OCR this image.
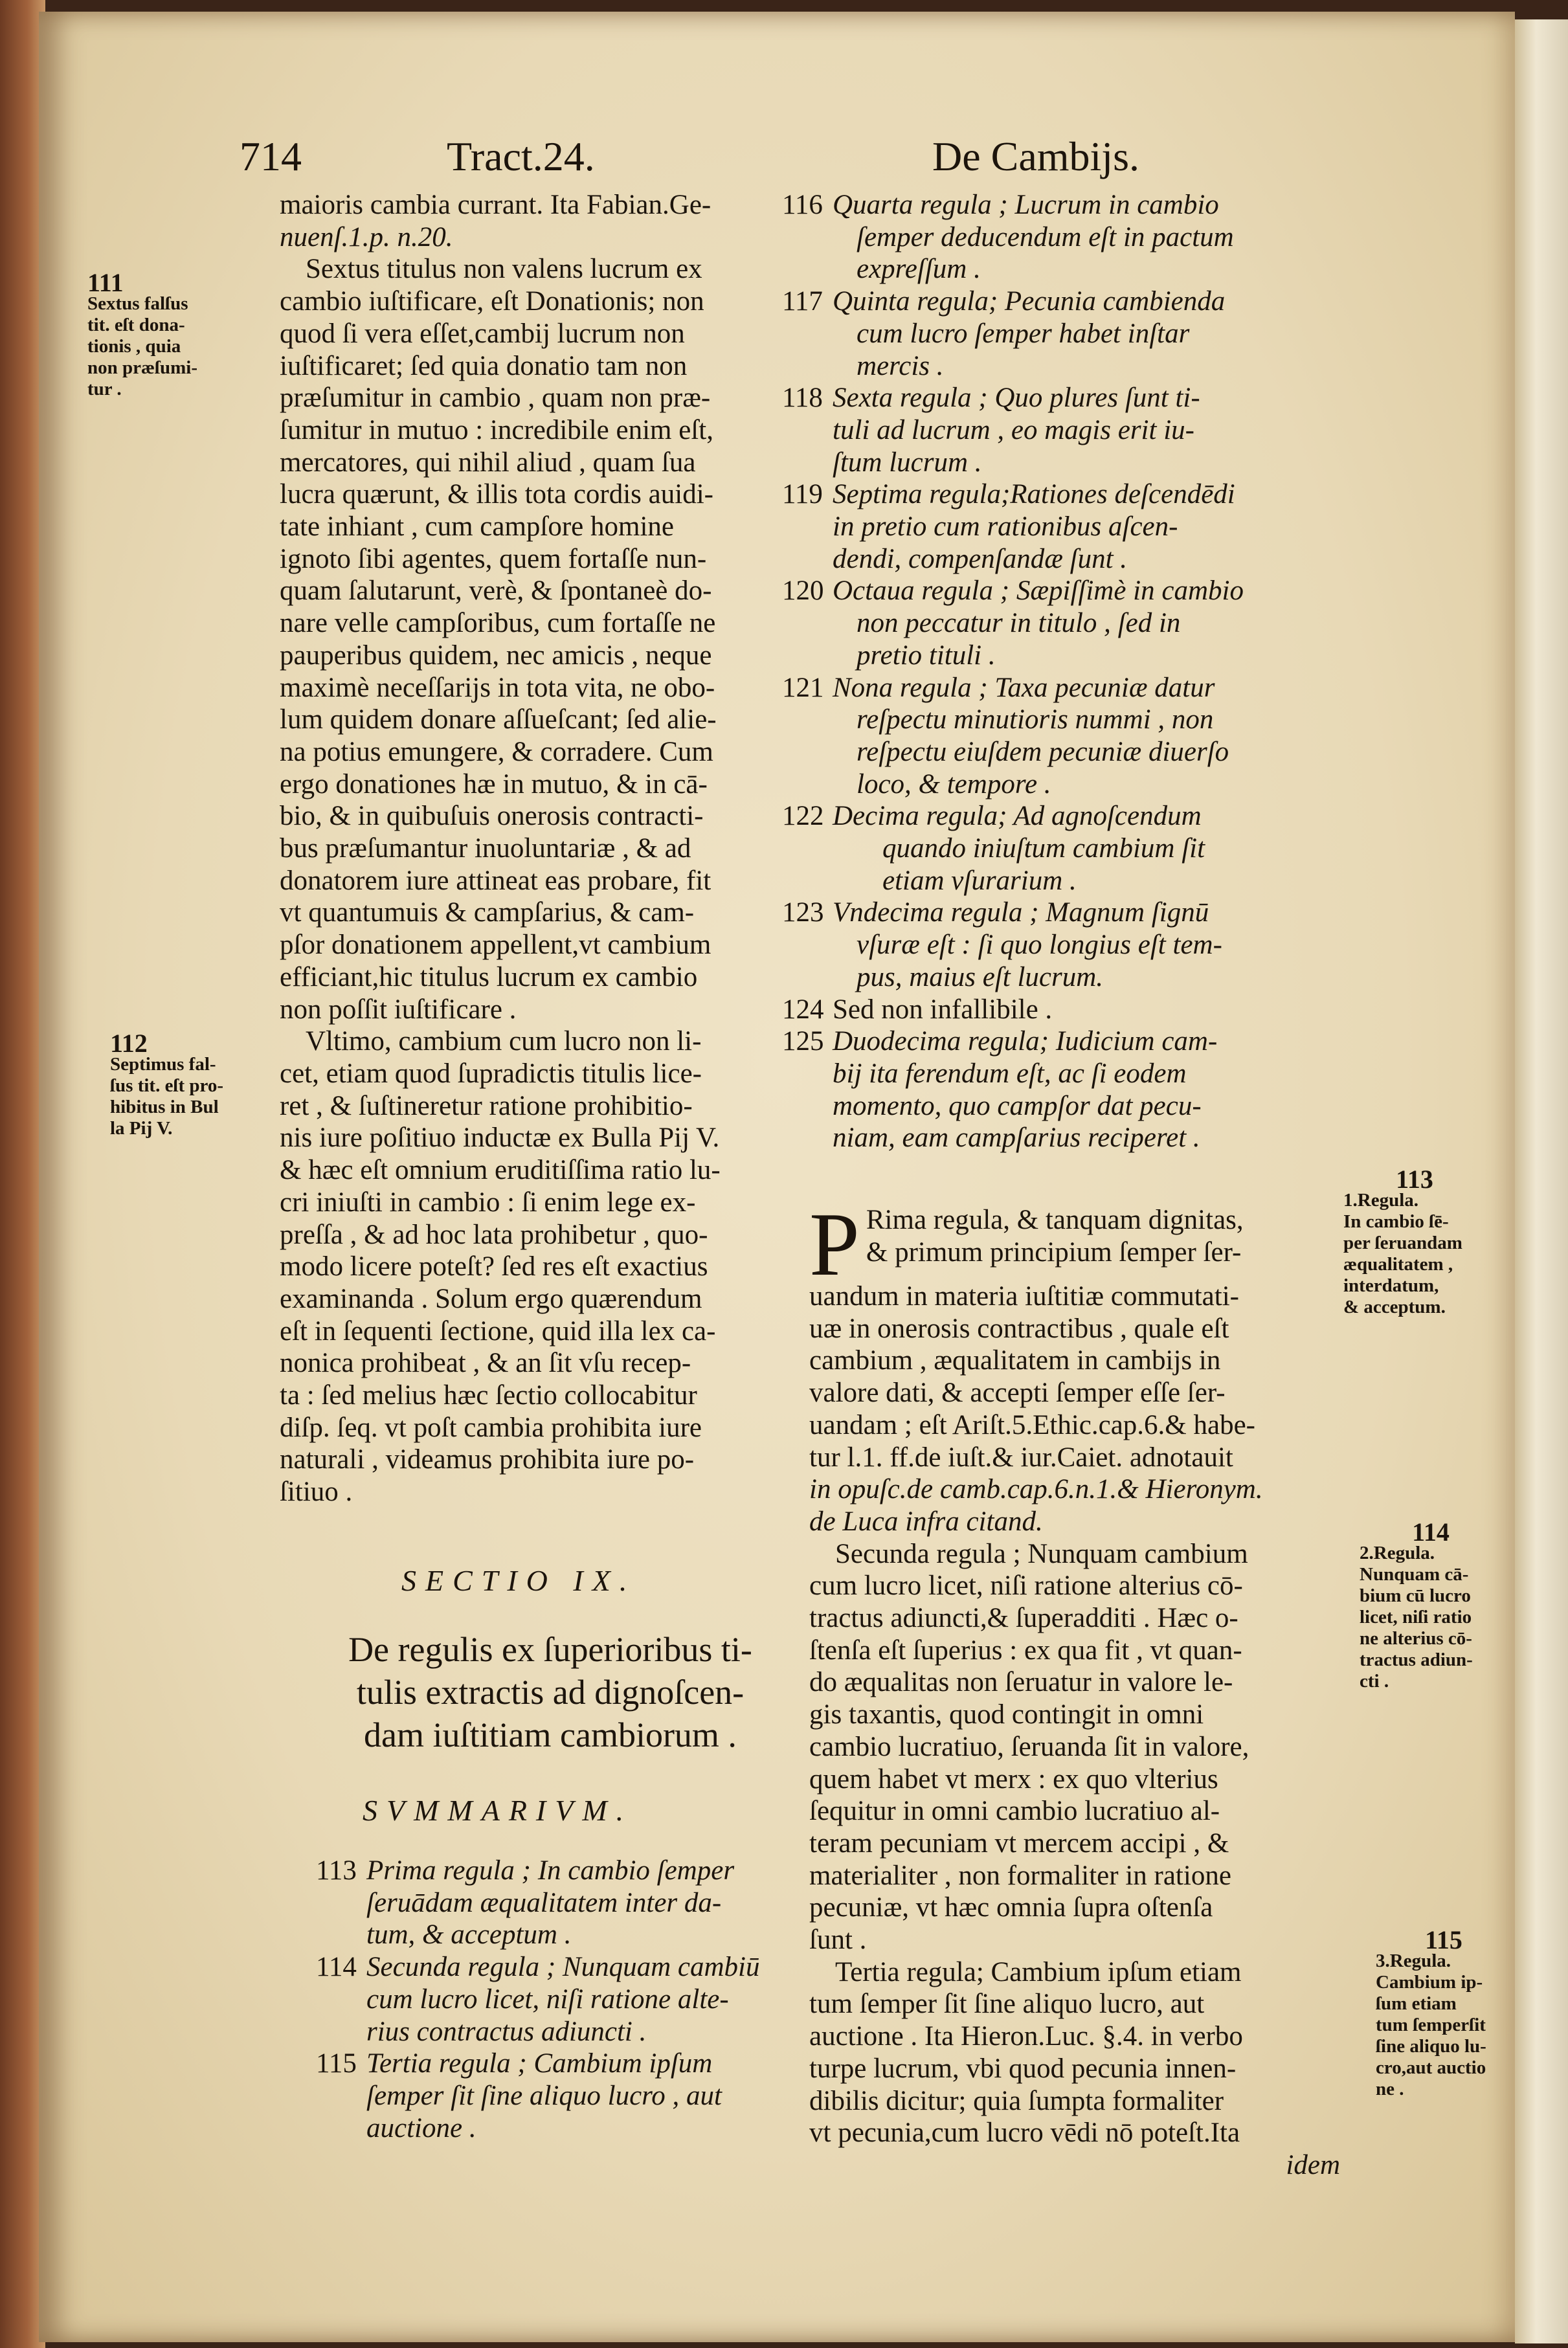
714	Tract.24.	De Cambijs.
111
Sextus falſus
tit. eſt dona-
tionis , quia
non præſumi-
tur .
112
Septimus fal-
ſus tit. eſt pro-
hibitus in Bul
la Pij V.
maioris cambia currant. Ita Fabian.Ge-
nuenſ.1.p. n.20.
Sextus titulus non valens lucrum ex
cambio iuſtificare, eſt Donationis; non
quod ſi vera eſſet,cambij lucrum non
iuſtificaret; ſed quia donatio tam non
præſumitur in cambio , quam non præ-
ſumitur in mutuo : incredibile enim eſt,
mercatores, qui nihil aliud , quam ſua
lucra quærunt, & illis tota cordis auidi-
tate inhiant , cum campſore homine
ignoto ſibi agentes, quem fortaſſe nun-
quam ſalutarunt, verè, & ſpontaneè do-
nare velle campſoribus, cum fortaſſe ne
pauperibus quidem, nec amicis , neque
maximè neceſſarijs in tota vita, ne obo-
lum quidem donare aſſueſcant; ſed alie-
na potius emungere, & corradere. Cum
ergo donationes hæ in mutuo, & in cā-
bio, & in quibuſuis onerosis contracti-
bus præſumantur inuoluntariæ , & ad
donatorem iure attineat eas probare, fit
vt quantumuis & campſarius, & cam-
pſor donationem appellent,vt cambium
efficiant,hic titulus lucrum ex cambio
non poſſit iuſtificare .
Vltimo, cambium cum lucro non li-
cet, etiam quod ſupradictis titulis lice-
ret , & ſuſtineretur ratione prohibitio-
nis iure poſitiuo inductæ ex Bulla Pij V.
& hæc eſt omnium eruditiſſima ratio lu-
cri iniuſti in cambio : ſi enim lege ex-
preſſa , & ad hoc lata prohibetur , quo-
modo licere poteſt? ſed res eſt exactius
examinanda . Solum ergo quærendum
eſt in ſequenti ſectione, quid illa lex ca-
nonica prohibeat , & an ſit vſu recep-
ta : ſed melius hæc ſectio collocabitur
diſp. ſeq. vt poſt cambia prohibita iure
naturali , videamus prohibita iure po-
ſitiuo .
SECTIO IX.
De regulis ex ſuperioribus ti-
tulis extractis ad dignoſcen-
dam iuſtitiam cambiorum .
SVMMARIVM.
113 Prima regula ; In cambio ſemper
ſeruādam æqualitatem inter da-
tum, & acceptum .
114 Secunda regula ; Nunquam cambiū
cum lucro licet, niſi ratione alte-
rius contractus adiuncti .
115 Tertia regula ; Cambium ipſum
ſemper ſit ſine aliquo lucro , aut
auctione .
116 Quarta regula ; Lucrum in cambio
ſemper deducendum eſt in pactum
expreſſum .
117 Quinta regula; Pecunia cambienda
cum lucro ſemper habet inſtar
mercis .
118 Sexta regula ; Quo plures ſunt ti-
tuli ad lucrum , eo magis erit iu-
ſtum lucrum .
119 Septima regula;Rationes deſcendēdi
in pretio cum rationibus aſcen-
dendi, compenſandæ ſunt .
120 Octaua regula ; Sæpiſſimè in cambio
non peccatur in titulo , ſed in
pretio tituli .
121 Nona regula ; Taxa pecuniæ datur
reſpectu minutioris nummi , non
reſpectu eiuſdem pecuniæ diuerſo
loco, & tempore .
122 Decima regula; Ad agnoſcendum
quando iniuſtum cambium ſit
etiam vſurarium .
123 Vndecima regula ; Magnum ſignū
vſuræ eſt : ſi quo longius eſt tem-
pus, maius eſt lucrum.
124 Sed non infallibile .
125 Duodecima regula; Iudicium cam-
bij ita ferendum eſt, ac ſi eodem
momento, quo campſor dat pecu-
niam, eam campſarius reciperet .
P Rima regula, & tanquam dignitas,
& primum principium ſemper ſer-
uandum in materia iuſtitiæ commutati-
uæ in onerosis contractibus , quale eſt
cambium , æqualitatem in cambijs in
valore dati, & accepti ſemper eſſe ſer-
uandam ; eſt Ariſt.5.Ethic.cap.6.& habe-
tur l.1. ff.de iuſt.& iur.Caiet. adnotauit
in opuſc.de camb.cap.6.n.1.& Hieronym.
de Luca infra citand.
Secunda regula ; Nunquam cambium
cum lucro licet, niſi ratione alterius cō-
tractus adiuncti,& ſuperadditi . Hæc o-
ſtenſa eſt ſuperius : ex qua fit , vt quan-
do æqualitas non ſeruatur in valore le-
gis taxantis, quod contingit in omni
cambio lucratiuo, ſeruanda ſit in valore,
quem habet vt merx : ex quo vlterius
ſequitur in omni cambio lucratiuo al-
teram pecuniam vt mercem accipi , &
materialiter , non formaliter in ratione
pecuniæ, vt hæc omnia ſupra oſtenſa
ſunt .
Tertia regula; Cambium ipſum etiam
tum ſemper ſit ſine aliquo lucro, aut
auctione . Ita Hieron.Luc. §.4. in verbo
turpe lucrum, vbi quod pecunia innen-
dibilis dicitur; quia ſumpta formaliter
vt pecunia,cum lucro vēdi nō poteſt.Ita
idem
113
1.Regula.
In cambio ſē-
per ſeruandam
æqualitatem ,
interdatum,
& acceptum.
114
2.Regula.
Nunquam cā-
bium cū lucro
licet, niſi ratio
ne alterius cō-
tractus adiun-
cti .
115
3.Regula.
Cambium ip-
ſum etiam
tum ſemperſit
ſine aliquo lu-
cro,aut auctio
ne .
